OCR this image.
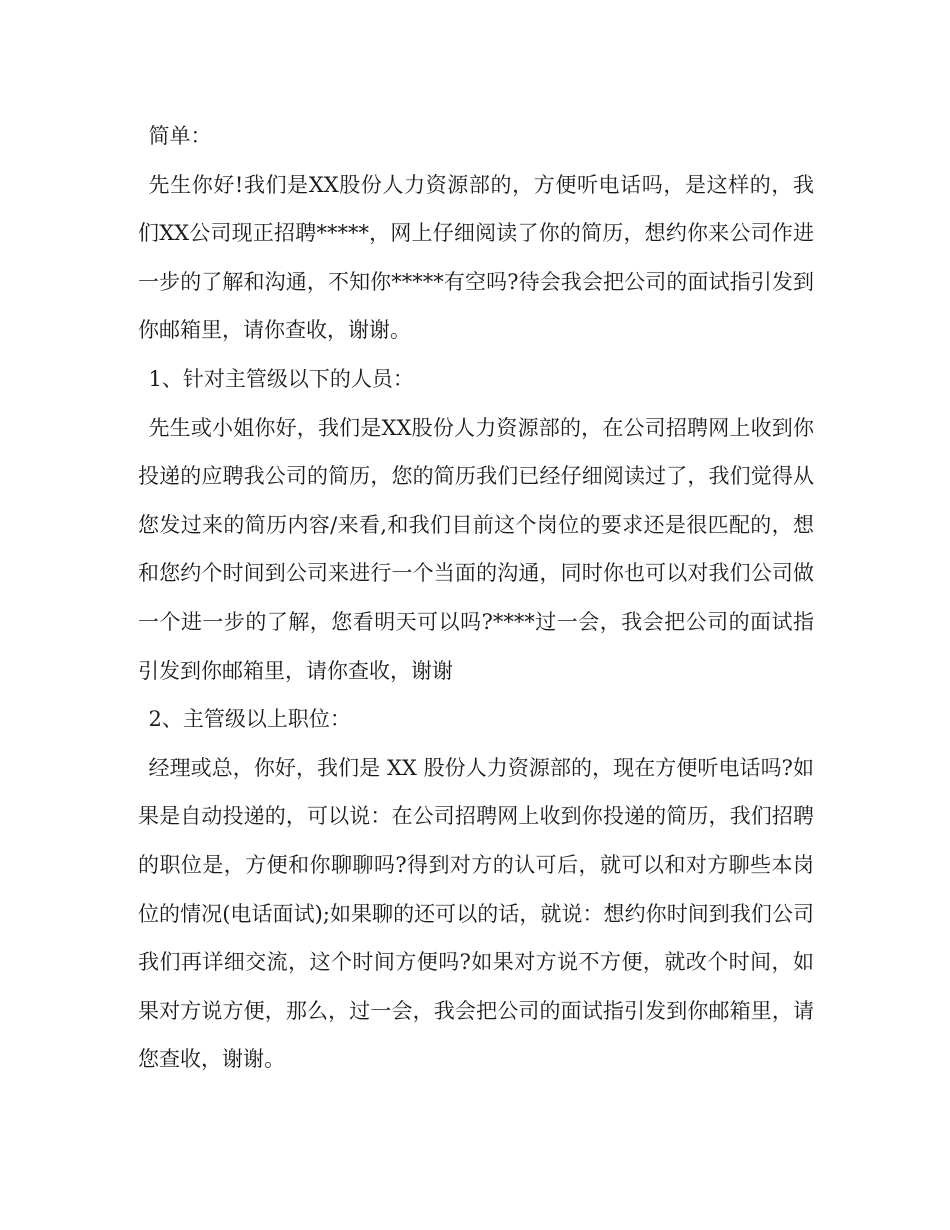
简单：

先生你好!我们是XX股份人力资源部的，方便听电话吗，是这样的，我们XX公司现正招聘*****，网上仔细阅读了你的简历，想约你来公司作进一步的了解和沟通，不知你*****有空吗?待会我会把公司的面试指引发到你邮箱里，请你查收，谢谢。

1、针对主管级以下的人员：

先生或小姐你好，我们是XX股份人力资源部的，在公司招聘网上收到你投递的应聘我公司的简历，您的简历我们已经仔细阅读过了，我们觉得从您发过来的简历内容/来看,和我们目前这个岗位的要求还是很匹配的，想和您约个时间到公司来进行一个当面的沟通，同时你也可以对我们公司做一个进一步的了解，您看明天可以吗?****过一会，我会把公司的面试指引发到你邮箱里，请你查收，谢谢

2、主管级以上职位：

经理或总，你好，我们是 XX 股份人力资源部的，现在方便听电话吗?如果是自动投递的，可以说：在公司招聘网上收到你投递的简历，我们招聘的职位是，方便和你聊聊吗?得到对方的认可后，就可以和对方聊些本岗位的情况(电话面试);如果聊的还可以的话，就说：想约你时间到我们公司我们再详细交流，这个时间方便吗?如果对方说不方便，就改个时间，如果对方说方便，那么，过一会，我会把公司的面试指引发到你邮箱里，请您查收，谢谢。
